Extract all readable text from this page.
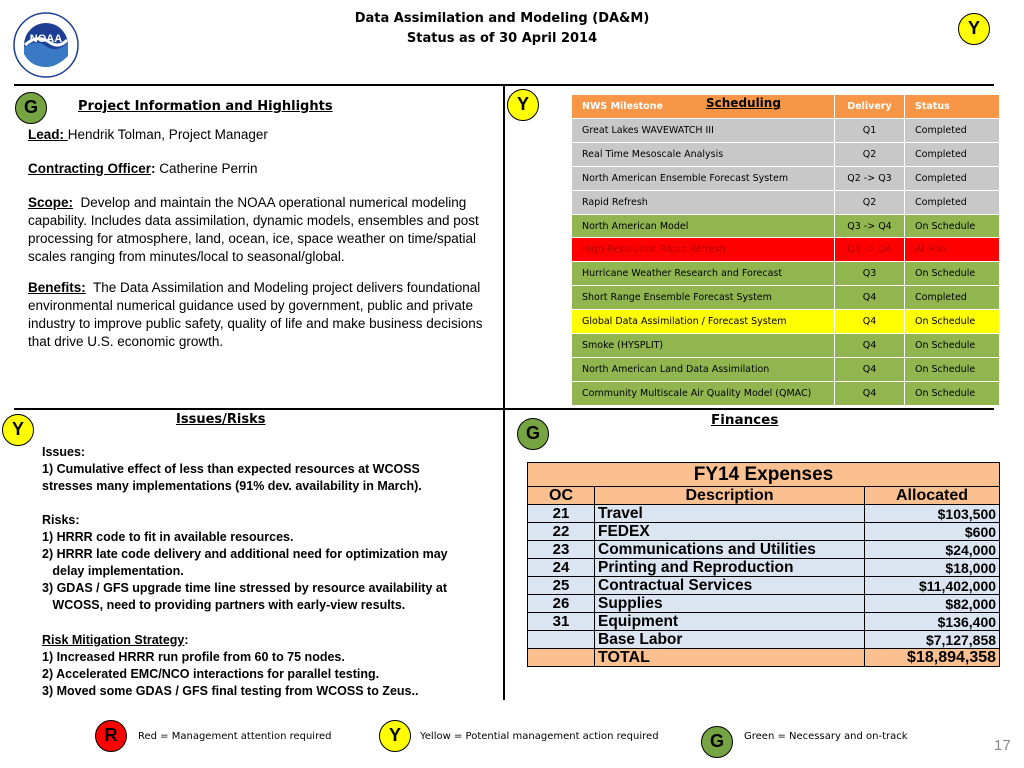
NOAA
Data Assimilation and Modeling (DA&M)
Status as of 30 April 2014
Y
G	Project Information and Highlights
Lead: Hendrik Tolman, Project Manager
Contracting Officer: Catherine Perrin
Scope: Develop and maintain the NOAA operational numerical modeling capability. Includes data assimilation, dynamic models, ensembles and post processing for atmosphere, land, ocean, ice, space weather on time/spatial scales ranging from minutes/local to seasonal/global.
Benefits: The Data Assimilation and Modeling project delivers foundational environmental numerical guidance used by government, public and private industry to improve public safety, quality of life and make business decisions that drive U.S. economic growth.
Y	NWS Milestone	Delivery	Status
Great Lakes WAVEWATCH III	Q1	Completed
Real Time Mesoscale Analysis	Q2	Completed
North American Ensemble Forecast System	Q2 -> Q3	Completed
Rapid Refresh	Q2	Completed
North American Model	Q3 -> Q4	On Schedule
High-Resolution Rapid Refresh	Q3 -> Q4	At Risk
Hurricane Weather Research and Forecast	Q3	On Schedule
Short Range Ensemble Forecast System	Q4	Completed
Global Data Assimilation / Forecast System	Q4	On Schedule
Smoke (HYSPLIT)	Q4	On Schedule
North American Land Data Assimilation	Q4	On Schedule
Community Multiscale Air Quality Model (QMAC)	Q4	On Schedule
Scheduling
Y	Issues/Risks
Issues:
1) Cumulative effect of less than expected resources at WCOSS
stresses many implementations (91% dev. availability in March).
Risks:
1) HRRR code to fit in available resources.
2) HRRR late code delivery and additional need for optimization may
delay implementation.
3) GDAS / GFS upgrade time line stressed by resource availability at
WCOSS, need to providing partners with early-view results.
Risk Mitigation Strategy:
1) Increased HRRR run profile from 60 to 75 nodes.
2) Accelerated EMC/NCO interactions for parallel testing.
3) Moved some GDAS / GFS final testing from WCOSS to Zeus..
G
Finances
FY14 Expenses		
OC	Description	Allocated
21	Travel	$103,500
22	FEDEX	$600
23	Communications and Utilities	$24,000
24	Printing and Reproduction	$18,000
25	Contractual Services	$11,402,000
26	Supplies	$82,000
31	Equipment	$136,400
	Base Labor	$7,127,858
	TOTAL	$18,894,358
R	Red = Management attention required	Y	Yellow = Potential management action required	G	Green = Necessary and on-track
17
